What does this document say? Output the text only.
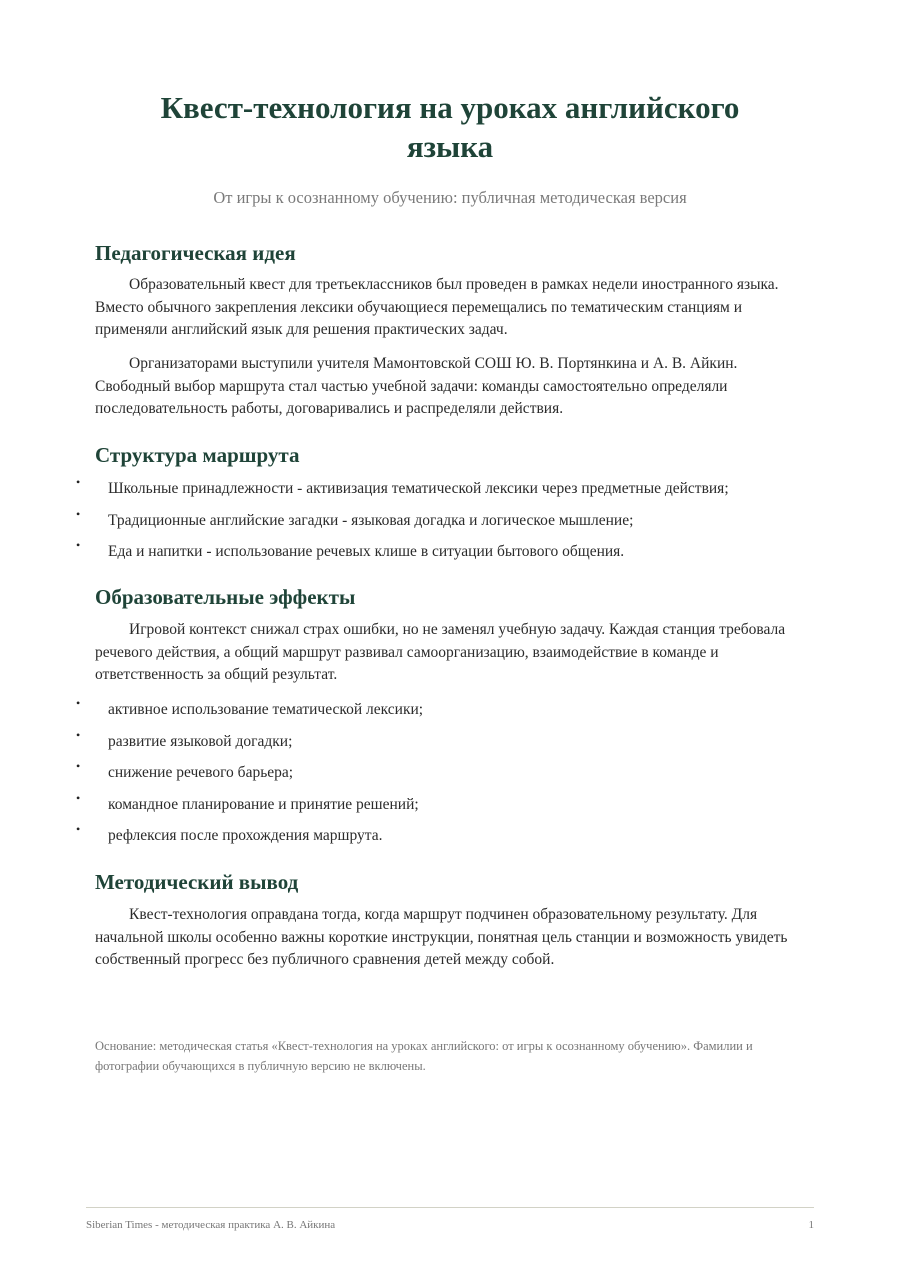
Квест-технология на уроках английского языка

От игры к осознанному обучению: публичная методическая версия

Педагогическая идея

Образовательный квест для третьеклассников был проведен в рамках недели иностранного языка. Вместо обычного закрепления лексики обучающиеся перемещались по тематическим станциям и применяли английский язык для решения практических задач.

Организаторами выступили учителя Мамонтовской СОШ Ю. В. Портянкина и А. В. Айкин. Свободный выбор маршрута стал частью учебной задачи: команды самостоятельно определяли последовательность работы, договаривались и распределяли действия.

Структура маршрута
• Школьные принадлежности - активизация тематической лексики через предметные действия;
• Традиционные английские загадки - языковая догадка и логическое мышление;
• Еда и напитки - использование речевых клише в ситуации бытового общения.
Образовательные эффекты

Игровой контекст снижал страх ошибки, но не заменял учебную задачу. Каждая станция требовала речевого действия, а общий маршрут развивал самоорганизацию, взаимодействие в команде и ответственность за общий результат.

• активное использование тематической лексики;
• развитие языковой догадки;
• снижение речевого барьера;
• командное планирование и принятие решений;
• рефлексия после прохождения маршрута.
Методический вывод

Квест-технология оправдана тогда, когда маршрут подчинен образовательному результату. Для начальной школы особенно важны короткие инструкции, понятная цель станции и возможность увидеть собственный прогресс без публичного сравнения детей между собой.

Основание: методическая статья «Квест-технология на уроках английского: от игры к осознанному обучению». Фамилии и фотографии обучающихся в публичную версию не включены.

Siberian Times - методическая практика А. В. Айкина	1
